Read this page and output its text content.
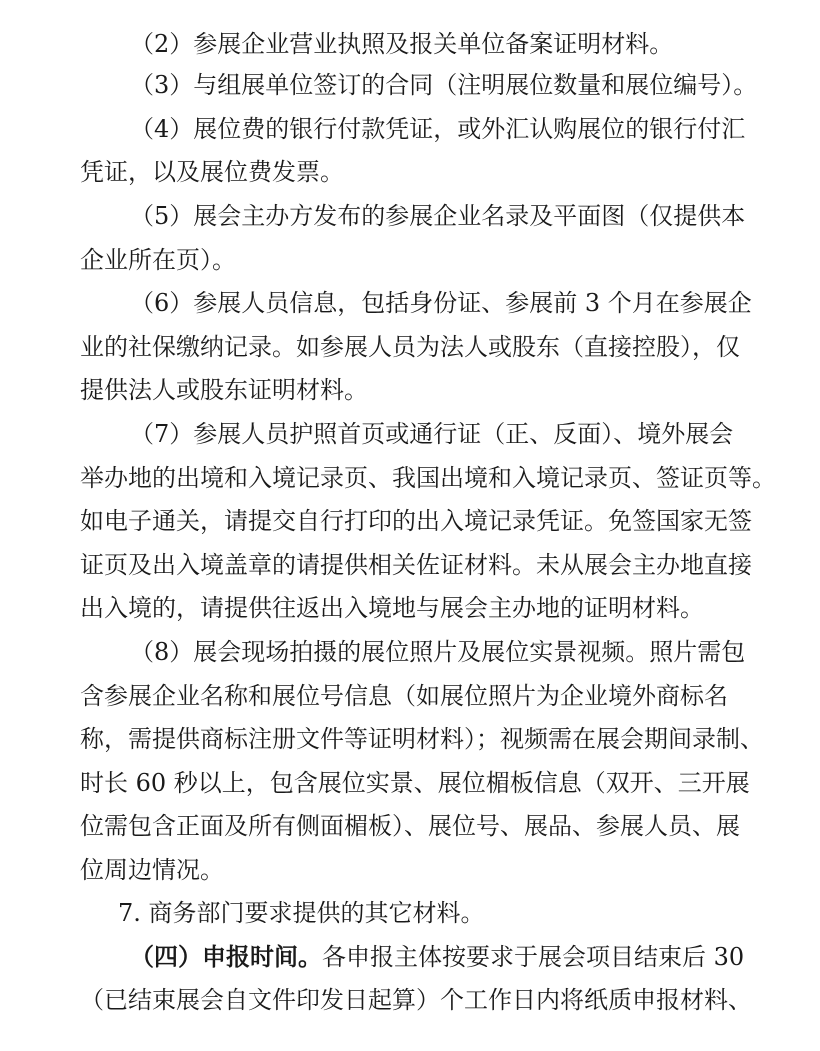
（2）参展企业营业执照及报关单位备案证明材料。
（3）与组展单位签订的合同（注明展位数量和展位编号）。
（4）展位费的银行付款凭证，或外汇认购展位的银行付汇
凭证，以及展位费发票。
（5）展会主办方发布的参展企业名录及平面图（仅提供本
企业所在页）。
（6）参展人员信息，包括身份证、参展前 3 个月在参展企
业的社保缴纳记录。如参展人员为法人或股东（直接控股），仅
提供法人或股东证明材料。
（7）参展人员护照首页或通行证（正、反面）、境外展会
举办地的出境和入境记录页、我国出境和入境记录页、签证页等。
如电子通关，请提交自行打印的出入境记录凭证。免签国家无签
证页及出入境盖章的请提供相关佐证材料。未从展会主办地直接
出入境的，请提供往返出入境地与展会主办地的证明材料。
（8）展会现场拍摄的展位照片及展位实景视频。照片需包
含参展企业名称和展位号信息（如展位照片为企业境外商标名
称，需提供商标注册文件等证明材料）；视频需在展会期间录制、
时长 60 秒以上，包含展位实景、展位楣板信息（双开、三开展
位需包含正面及所有侧面楣板）、展位号、展品、参展人员、展
位周边情况。
7. 商务部门要求提供的其它材料。
（四）申报时间。各申报主体按要求于展会项目结束后 30
（已结束展会自文件印发日起算）个工作日内将纸质申报材料、
